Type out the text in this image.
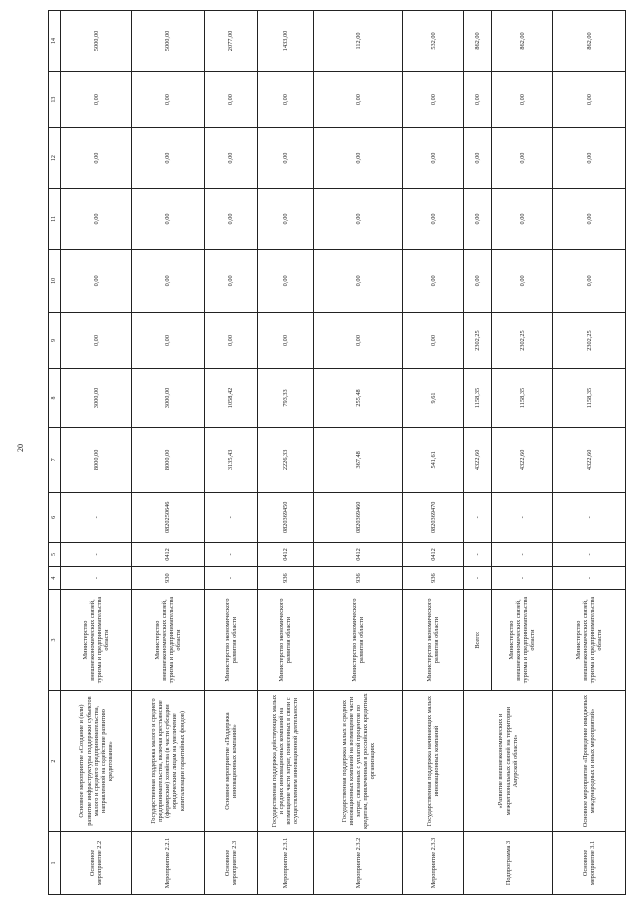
20
1	2	3	4	5	6	7	8	9	10	11	12	13	14
Основное мероприятие 2.2	Основное мероприятие «Создание и (или) развитие инфраструктуры поддержки субъектов малого и среднего предпринимательства, направленной на содействие развитию кредитования»	Министерство внешнеэкономических связей, туризма и предпринимательства области	-	-	-	8000,00	3000,00	0,00	0,00	0,00	0,00	0,00	5000,00
Мероприятие 2.2.1	Государственная поддержка малого и среднего предпринимательства, включая крестьянские (фермерские) хозяйства (в части субсидии юридическим лицам на увеличение капитализации гарантийных фондов)	Министерство внешнеэкономических связей, туризма и предпринимательства области	930	0412	0820250646	8000,00	3000,00	0,00	0,00	0,00	0,00	0,00	5000,00
Основное мероприятие 2.3	Основное мероприятие «Поддержка инновационных компаний»	Министерство экономического развития области	-	-	-	3135,43	1058,42	0,00	0,00	0,00	0,00	0,00	2077,00
Мероприятие 2.3.1	Государственная поддержка действующих малых и средних инновационных компаний на возмещение части затрат, понесенных в связи с осуществлением инновационной деятельности	Министерство экономического развития области	936	0412	0820369450	2226,33	793,33	0,00	0,00	0,00	0,00	0,00	1433,00
Мероприятие 2.3.2	Государственная поддержка малых и средних инновационных компаний на возмещение части затрат, связанных с уплатой процентов по кредитам, привлеченным в российских кредитных организациях	Министерство экономического развития области	936	0412	0820369460	367,48	255,48	0,00	0,00	0,00	0,00	0,00	112,00
Мероприятие 2.3.3	Государственная поддержка начинающих малых инновационных компаний	Министерство экономического развития области	936	0412	0820369470	541,61	9,61	0,00	0,00	0,00	0,00	0,00	532,00
Подпрограмма 3	«Развитие внешнеэкономических и межрегиональных связей на территории Амурской области»	Всего:	-	-	-	4322,60	1158,35	2302,25	0,00	0,00	0,00	0,00	862,00
		Министерство внешнеэкономических связей, туризма и предпринимательства области	-	-	-	4322,60	1158,35	2302,25	0,00	0,00	0,00	0,00	862,00
Основное мероприятие 3.1	Основное мероприятие «Проведение имиджевых международных и иных мероприятий»	Министерство внешнеэкономических связей, туризма и предпринимательства области	-	-	-	4322,60	1158,35	2302,25	0,00	0,00	0,00	0,00	862,00
